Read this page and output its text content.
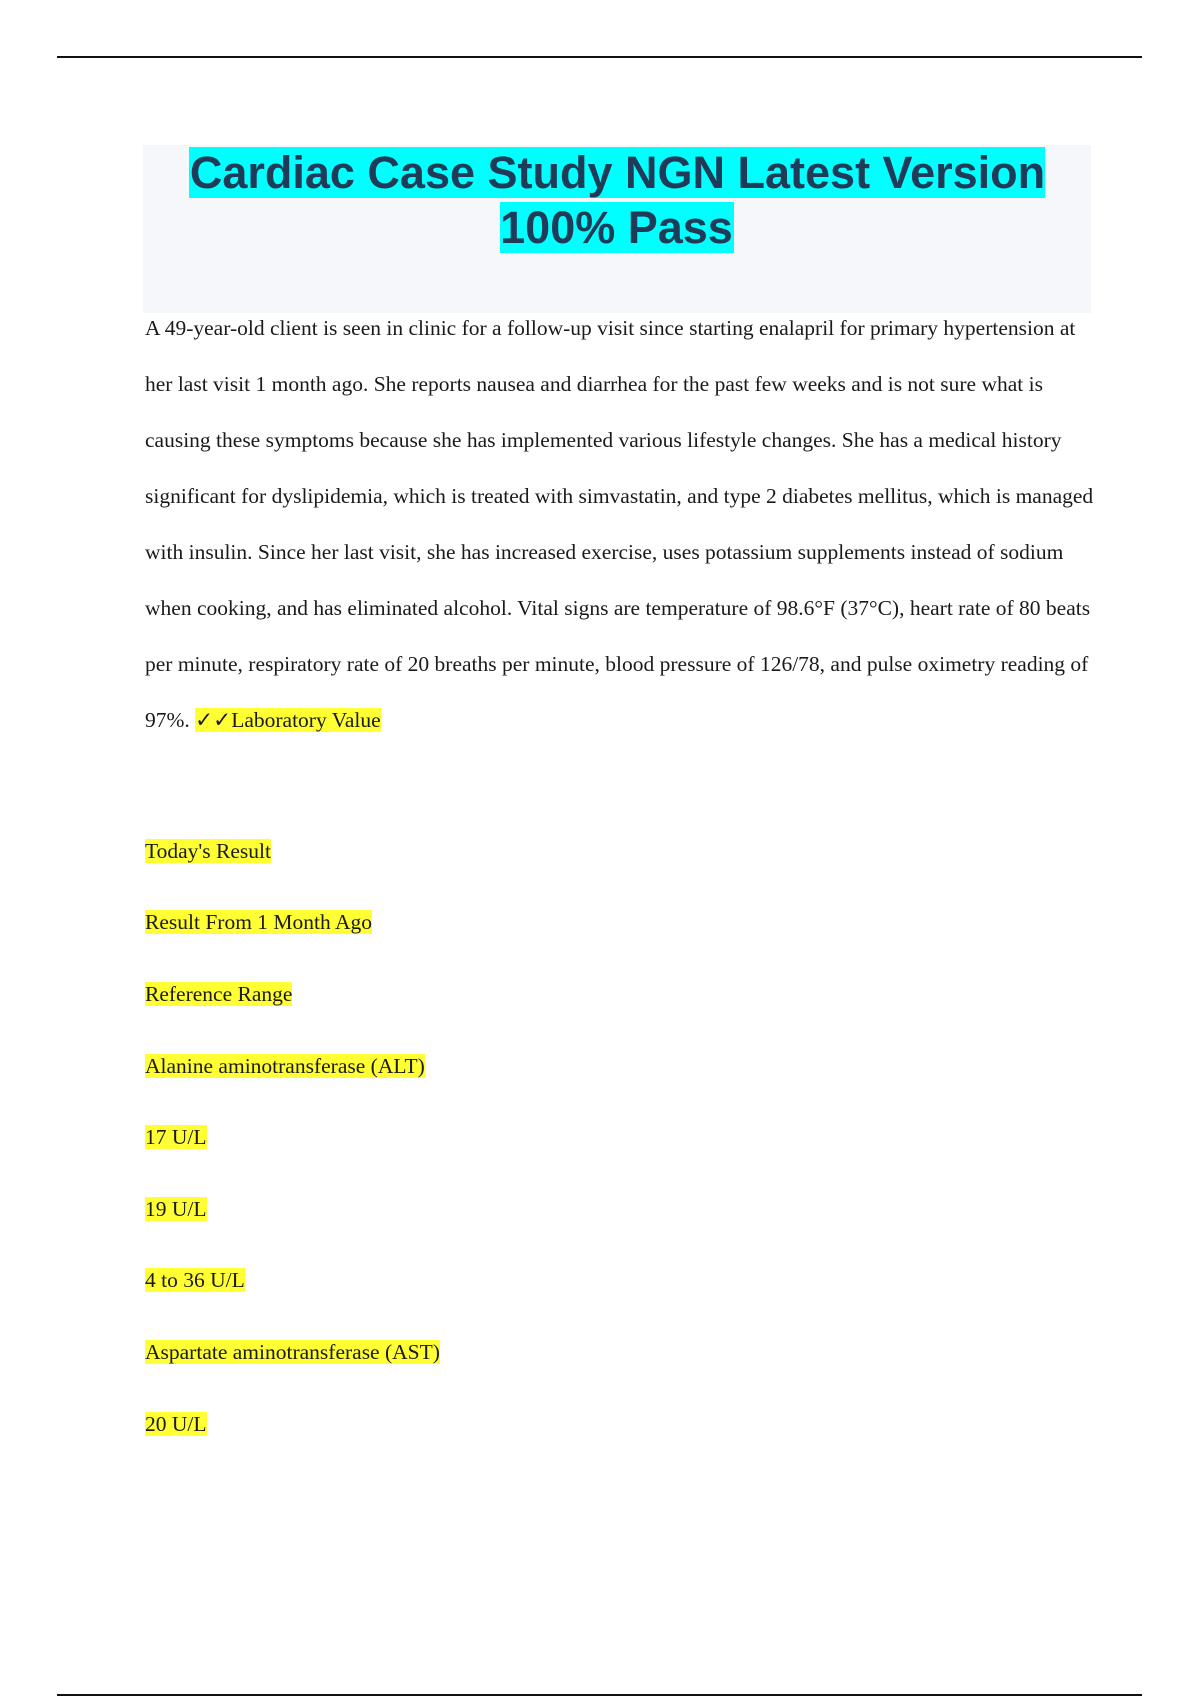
Cardiac Case Study NGN Latest Version 100% Pass

A 49-year-old client is seen in clinic for a follow-up visit since starting enalapril for primary hypertension at her last visit 1 month ago. She reports nausea and diarrhea for the past few weeks and is not sure what is causing these symptoms because she has implemented various lifestyle changes. She has a medical history significant for dyslipidemia, which is treated with simvastatin, and type 2 diabetes mellitus, which is managed with insulin. Since her last visit, she has increased exercise, uses potassium supplements instead of sodium when cooking, and has eliminated alcohol. Vital signs are temperature of 98.6°F (37°C), heart rate of 80 beats per minute, respiratory rate of 20 breaths per minute, blood pressure of 126/78, and pulse oximetry reading of 97%. ✓✓Laboratory Value

Today's Result

Result From 1 Month Ago

Reference Range

Alanine aminotransferase (ALT)

17 U/L

19 U/L

4 to 36 U/L

Aspartate aminotransferase (AST)

20 U/L
